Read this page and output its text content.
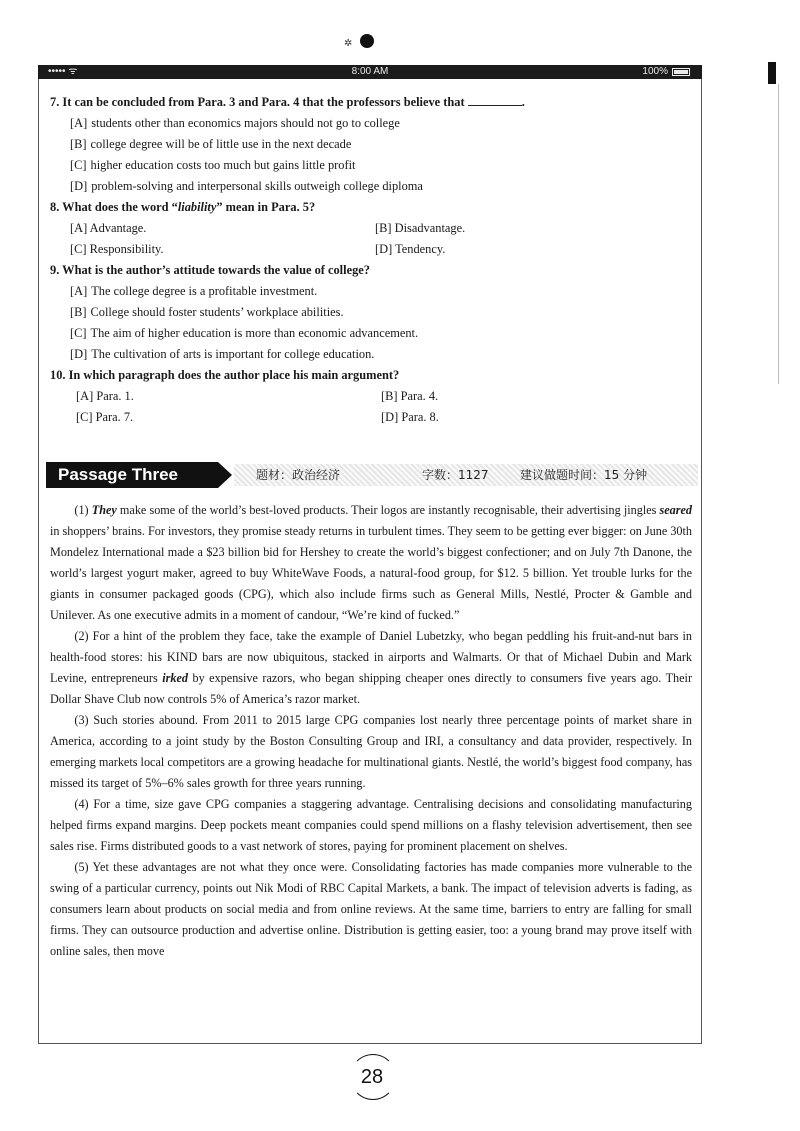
✲
••••• ᯤ	8:00 AM	100%
7. It can be concluded from Para. 3 and Para. 4 that the professors believe that	.
[A] students other than economics majors should not go to college
[B] college degree will be of little use in the next decade
[C] higher education costs too much but gains little profit
[D] problem-solving and interpersonal skills outweigh college diploma
8. What does the word “liability” mean in Para. 5?
[A] Advantage.	[B] Disadvantage.
[C] Responsibility.	[D] Tendency.
9. What is the author’s attitude towards the value of college?
[A] The college degree is a profitable investment.
[B] College should foster students’ workplace abilities.
[C] The aim of higher education is more than economic advancement.
[D] The cultivation of arts is important for college education.
10. In which paragraph does the author place his main argument?
[A] Para. 1.	[B] Para. 4.
[C] Para. 7.	[D] Para. 8.
Passage Three	题材：政治经济	字数：1127	建议做题时间：15 分钟

(1) They make some of the world’s best-loved products. Their logos are instantly recognisable, their advertising jingles seared in shoppers’ brains. For investors, they promise steady returns in turbulent times. They seem to be getting ever bigger: on June 30th Mondelez International made a $23 billion bid for Hershey to create the world’s biggest confectioner; and on July 7th Danone, the world’s largest yogurt maker, agreed to buy WhiteWave Foods, a natural-food group, for $12. 5 billion. Yet trouble lurks for the giants in consumer packaged goods (CPG), which also include firms such as General Mills, Nestlé, Procter & Gamble and Unilever. As one executive admits in a moment of candour, “We’re kind of fucked.”

(2) For a hint of the problem they face, take the example of Daniel Lubetzky, who began peddling his fruit-and-nut bars in health-food stores: his KIND bars are now ubiquitous, stacked in airports and Walmarts. Or that of Michael Dubin and Mark Levine, entrepreneurs irked by expensive razors, who began shipping cheaper ones directly to consumers five years ago. Their Dollar Shave Club now controls 5% of America’s razor market.

(3) Such stories abound. From 2011 to 2015 large CPG companies lost nearly three percentage points of market share in America, according to a joint study by the Boston Consulting Group and IRI, a consultancy and data provider, respectively. In emerging markets local competitors are a growing headache for multinational giants. Nestlé, the world’s biggest food company, has missed its target of 5%–6% sales growth for three years running.

(4) For a time, size gave CPG companies a staggering advantage. Centralising decisions and consolidating manufacturing helped firms expand margins. Deep pockets meant companies could spend millions on a flashy television advertisement, then see sales rise. Firms distributed goods to a vast network of stores, paying for prominent placement on shelves.

(5) Yet these advantages are not what they once were. Consolidating factories has made companies more vulnerable to the swing of a particular currency, points out Nik Modi of RBC Capital Markets, a bank. The impact of television adverts is fading, as consumers learn about products on social media and from online reviews. At the same time, barriers to entry are falling for small firms. They can outsource production and advertise online. Distribution is getting easier, too: a young brand may prove itself with online sales, then move

28
